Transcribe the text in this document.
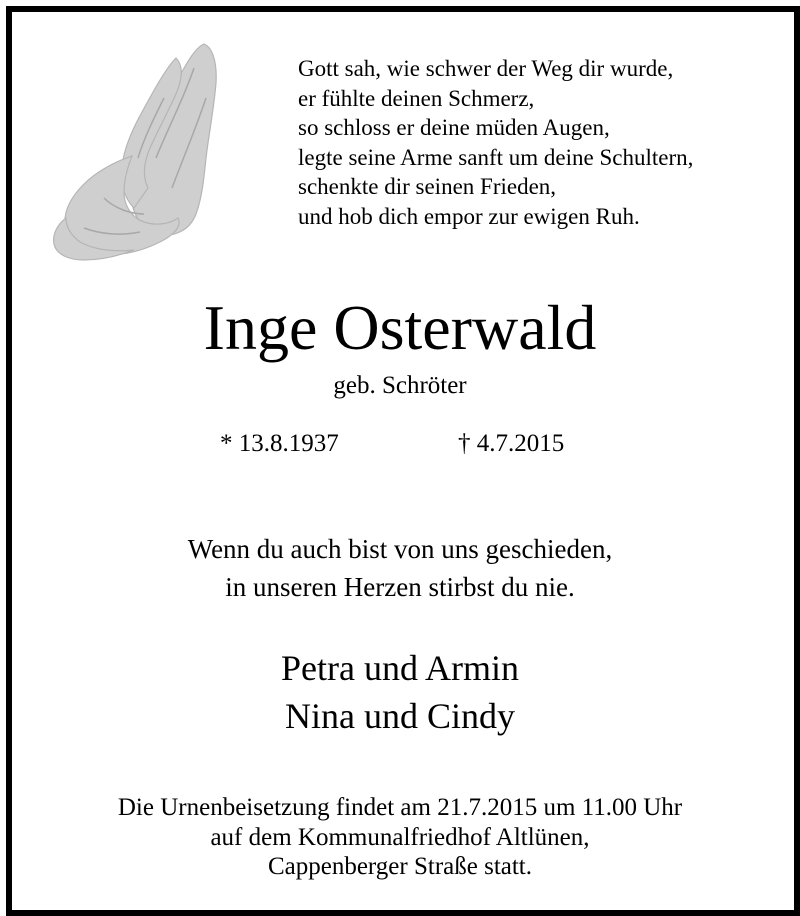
Gott sah, wie schwer der Weg dir wurde,
er fühlte deinen Schmerz,
so schloss er deine müden Augen,
legte seine Arme sanft um deine Schultern,
schenkte dir seinen Frieden,
und hob dich empor zur ewigen Ruh.
Inge Osterwald
geb. Schröter
* 13.8.1937	† 4.7.2015
Wenn du auch bist von uns geschieden,
in unseren Herzen stirbst du nie.
Petra und Armin
Nina und Cindy
Die Urnenbeisetzung findet am 21.7.2015 um 11.00 Uhr
auf dem Kommunalfriedhof Altlünen,
Cappenberger Straße statt.
